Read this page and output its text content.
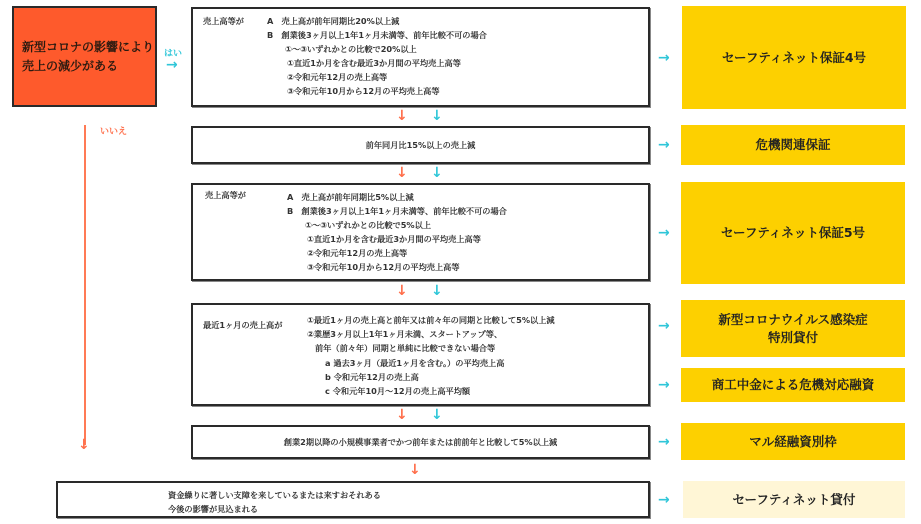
新型コロナの影響により
売上の減少がある
はい
→
いいえ
↓
売上高等が	A　売上高が前年同期比20%以上減
B　創業後3ヶ月以上1年1ヶ月未満等、前年比較不可の場合
①〜③いずれかとの比較で20%以上
①直近1か月を含む最近3か月間の平均売上高等
②令和元年12月の売上高等
③令和元年10月から12月の平均売上高等
→	セーフティネット保証4号
↓ ↓
前年同月比15%以上の売上減	→	危機関連保証
↓ ↓
売上高等が	A　売上高が前年同期比5%以上減
B　創業後3ヶ月以上1年1ヶ月未満等、前年比較不可の場合
①〜③いずれかとの比較で5%以上
①直近1か月を含む最近3か月間の平均売上高等
②令和元年12月の売上高等
③令和元年10月から12月の平均売上高等
→	セーフティネット保証5号
↓ ↓
最近1ヶ月の売上高が	①最近1ヶ月の売上高と前年又は前々年の同期と比較して5%以上減
②業歴3ヶ月以上1年1ヶ月未満、スタートアップ等、
前年（前々年）同期と単純に比較できない場合等
a 過去3ヶ月（最近1ヶ月を含む。）の平均売上高
b 令和元年12月の売上高
c 令和元年10月〜12月の売上高平均額
→	新型コロナウイルス感染症
特別貸付
→	商工中金による危機対応融資
↓ ↓
創業2期以降の小規模事業者でかつ前年または前前年と比較して5%以上減	→	マル経融資別枠
↓
資金繰りに著しい支障を来しているまたは来すおそれある
今後の影響が見込まれる
→	セーフティネット貸付
